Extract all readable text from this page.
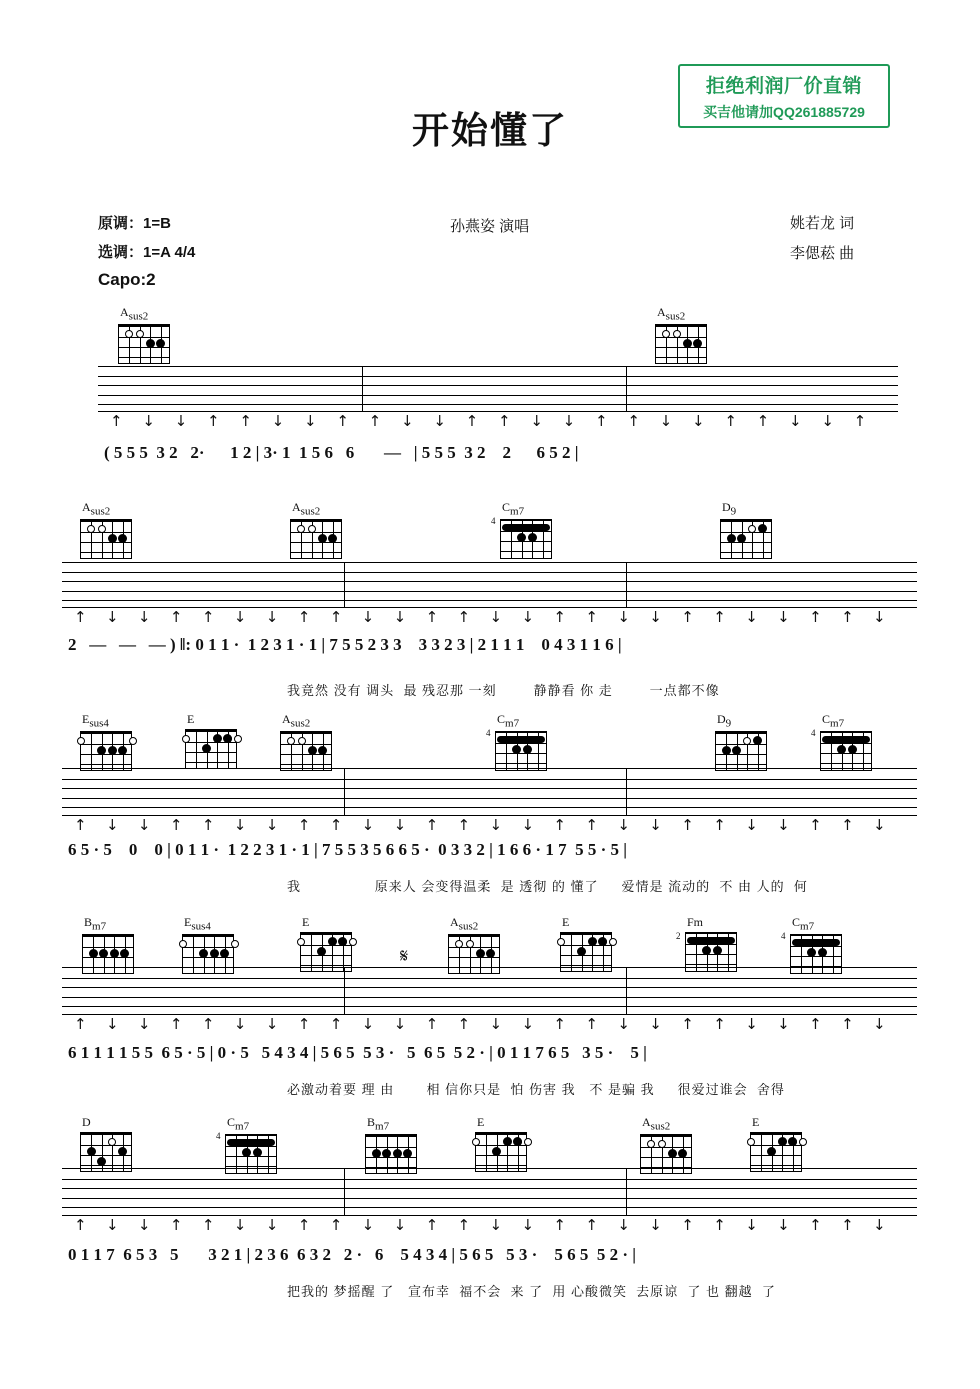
拒绝利润厂价直销
买吉他请加QQ261885729
开始懂了
原调：1=B
选调：1=A 4/4
Capo:2
孙燕姿 演唱	姚若龙 词
李偲菘 曲
Asus2	Asus2
↑ ↓ ↓ ↑ ↑ ↓ ↓ ↑ ↑ ↓ ↓ ↑ ↑ ↓ ↓ ↑ ↑ ↓ ↓ ↑ ↑ ↓ ↓ ↑
( 5 5 5  3 2   2·      1 2 | 3· 1  1 5 6   6       —   | 5 5 5  3 2    2      6 5 2 |
Asus2	Asus2	Cm7
4
D9
↑ ↓ ↓ ↑ ↑ ↓ ↓ ↑ ↑ ↓ ↓ ↑ ↑ ↓ ↓ ↑ ↑ ↓ ↓ ↑ ↑ ↓ ↓ ↑ ↑ ↓
2   —   —   — ) ‖: 0 1 1 ·  1 2 3 1 · 1 | 7 5 5 2 3 3    3 3 2 3 | 2 1 1 1    0 4 3 1 1 6 |
我竟然 没有 调头  最 残忍那 一刻        静静看 你 走        一点都不像
Esus4	E	Asus2	Cm7
4
D9	Cm7
4
↑ ↓ ↓ ↑ ↑ ↓ ↓ ↑ ↑ ↓ ↓ ↑ ↑ ↓ ↓ ↑ ↑ ↓ ↓ ↑ ↑ ↓ ↓ ↑ ↑ ↓
6 5 · 5    0    0 | 0 1 1 ·  1 2 2 3 1 · 1 | 7 5 5 3 5 6 6 5 ·  0 3 3 2 | 1 6 6 · 1 7  5 5 · 5 |
我                原来人 会变得温柔  是 透彻 的 懂了     爱情是 流动的  不 由 人的  何
Bm7	Esus4	E	Asus2	E	Fm
2
Cm7
4
↑ ↓ ↓ ↑ ↑ ↓ ↓ ↑ ↑ ↓ ↓ ↑ ↑ ↓ ↓ ↑ ↑ ↓ ↓ ↑ ↑ ↓ ↓ ↑ ↑ ↓
6 1 1 1 1 5 5  6 5 · 5 | 0 · 5   5 4 3 4 | 5 6 5  5 3 ·   5  6 5  5 2 · | 0 1 1 7 6 5   3 5 ·    5 |
必激动着要 理 由       相 信你只是  怕 伤害 我   不 是骗 我     很爱过谁会  舍得
D	Cm7
4
Bm7	E	Asus2	E
↑ ↓ ↓ ↑ ↑ ↓ ↓ ↑ ↑ ↓ ↓ ↑ ↑ ↓ ↓ ↑ ↑ ↓ ↓ ↑ ↑ ↓ ↓ ↑ ↑ ↓
0 1 1 7  6 5 3   5       3 2 1 | 2 3 6  6 3 2   2 ·   6    5 4 3 4 | 5 6 5   5 3 ·    5 6 5  5 2 · |
把我的 梦摇醒 了   宣布幸  福不会  来 了  用 心酸微笑  去原谅  了 也 翻越  了
𝄋
